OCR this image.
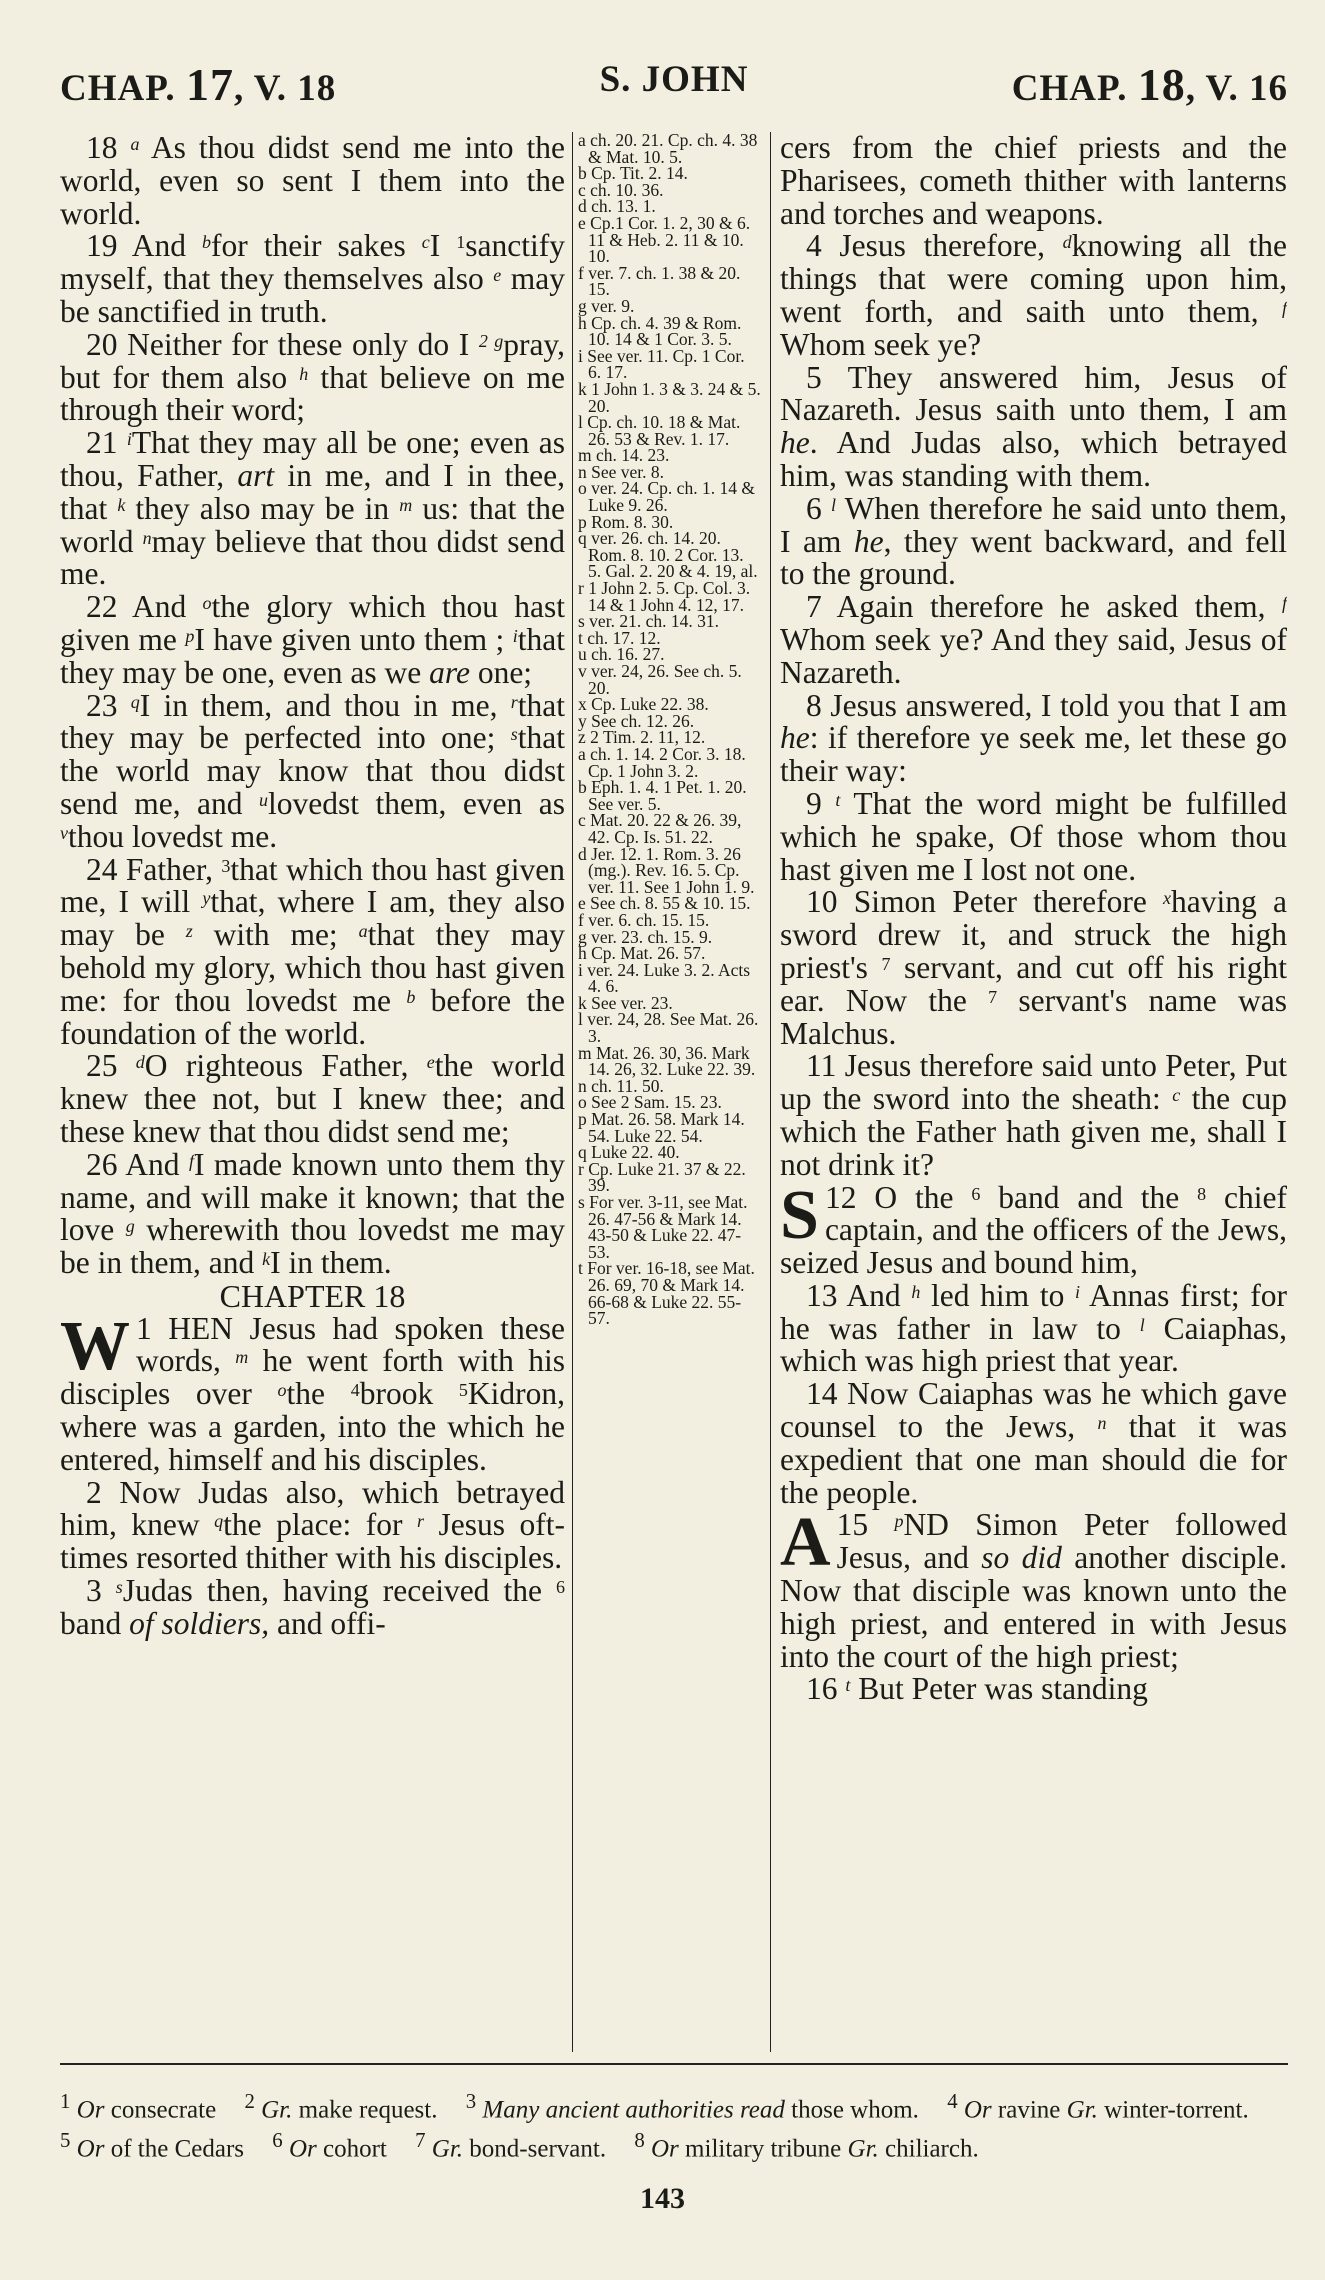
CHAP. 17, V. 18	S. JOHN	CHAP. 18, V. 16

18 $^a$ As thou didst send me into the world, even so sent I them into the world.

19 And $^b$for their sakes $^c$I $^1$sanctify myself, that they themselves also $^e$ may be sanctified in truth.

20 Neither for these only do I $^{2 g}$pray, but for them also $^h$ that believe on me through their word;

21 $^i$That they may all be one; even as thou, Father, art in me, and I in thee, that $^k$ they also may be in $^m$ us: that the world $^n$may believe that thou didst send me.

22 And $^o$the glory which thou hast given me $^p$I have given unto them ; $^i$that they may be one, even as we are one;

23 $^q$I in them, and thou in me, $^r$that they may be perfected into one; $^s$that the world may know that thou didst send me, and $^u$lovedst them, even as $^v$thou lovedst me.

24 Father, $^3$that which thou hast given me, I will $^y$that, where I am, they also may be $^z$ with me; $^a$that they may behold my glory, which thou hast given me: for thou lovedst me $^b$ before the foundation of the world.

25 $^d$O righteous Father, $^e$the world knew thee not, but I knew thee; and these knew that thou didst send me;

26 And $^f$I made known unto them thy name, and will make it known; that the love $^g$ wherewith thou lovedst me may be in them, and $^k$I in them.

CHAPTER 18

1
W HEN Jesus had spoken these words, $^m$ he went forth with his disciples over $^o$the $^4$brook $^5$Kidron, where was a garden, into the which he entered, himself and his disciples.

2 Now Judas also, which betrayed him, knew $^q$the place: for $^r$ Jesus oft-times resorted thither with his disciples.

3 $^s$Judas then, having received the $^6$ band of soldiers, and offi-

a ch. 20. 21. Cp. ch. 4. 38 & Mat. 10. 5.

b Cp. Tit. 2. 14.

c ch. 10. 36.

d ch. 13. 1.

e Cp.1 Cor. 1. 2, 30 & 6. 11 & Heb. 2. 11 & 10. 10.

f ver. 7. ch. 1. 38 & 20. 15.

g ver. 9.

h Cp. ch. 4. 39 & Rom. 10. 14 & 1 Cor. 3. 5.

i See ver. 11. Cp. 1 Cor. 6. 17.

k 1 John 1. 3 & 3. 24 & 5. 20.

l Cp. ch. 10. 18 & Mat. 26. 53 & Rev. 1. 17.

m ch. 14. 23.

n See ver. 8.

o ver. 24. Cp. ch. 1. 14 & Luke 9. 26.

p Rom. 8. 30.

q ver. 26. ch. 14. 20. Rom. 8. 10. 2 Cor. 13. 5. Gal. 2. 20 & 4. 19, al.

r 1 John 2. 5. Cp. Col. 3. 14 & 1 John 4. 12, 17.

s ver. 21. ch. 14. 31.

t ch. 17. 12.

u ch. 16. 27.

v ver. 24, 26. See ch. 5. 20.

x Cp. Luke 22. 38.

y See ch. 12. 26.

z 2 Tim. 2. 11, 12.

a ch. 1. 14. 2 Cor. 3. 18. Cp. 1 John 3. 2.

b Eph. 1. 4. 1 Pet. 1. 20. See ver. 5.

c Mat. 20. 22 & 26. 39, 42. Cp. Is. 51. 22.

d Jer. 12. 1. Rom. 3. 26 (mg.). Rev. 16. 5. Cp. ver. 11. See 1 John 1. 9.

e See ch. 8. 55 & 10. 15.

f ver. 6. ch. 15. 15.

g ver. 23. ch. 15. 9.

h Cp. Mat. 26. 57.

i ver. 24. Luke 3. 2. Acts 4. 6.

k See ver. 23.

l ver. 24, 28. See Mat. 26. 3.

m Mat. 26. 30, 36. Mark 14. 26, 32. Luke 22. 39.

n ch. 11. 50.

o See 2 Sam. 15. 23.

p Mat. 26. 58. Mark 14. 54. Luke 22. 54.

q Luke 22. 40.

r Cp. Luke 21. 37 & 22. 39.

s For ver. 3-11, see Mat. 26. 47-56 & Mark 14. 43-50 & Luke 22. 47-53.

t For ver. 16-18, see Mat. 26. 69, 70 & Mark 14. 66-68 & Luke 22. 55-57.

cers from the chief priests and the Pharisees, cometh thither with lanterns and torches and weapons.

4 Jesus therefore, $^d$knowing all the things that were coming upon him, went forth, and saith unto them, $^f$ Whom seek ye?

5 They answered him, Jesus of Nazareth. Jesus saith unto them, I am he. And Judas also, which betrayed him, was standing with them.

6 $^l$ When therefore he said unto them, I am he, they went backward, and fell to the ground.

7 Again therefore he asked them, $^f$ Whom seek ye? And they said, Jesus of Nazareth.

8 Jesus answered, I told you that I am he: if therefore ye seek me, let these go their way:

9 $^t$ That the word might be fulfilled which he spake, Of those whom thou hast given me I lost not one.

10 Simon Peter therefore $^x$having a sword drew it, and struck the high priest's $^7$ servant, and cut off his right ear. Now the $^7$ servant's name was Malchus.

11 Jesus therefore said unto Peter, Put up the sword into the sheath: $^c$ the cup which the Father hath given me, shall I not drink it?

12
S O the $^6$ band and the $^8$ chief captain, and the officers of the Jews, seized Jesus and bound him,

13 And $^h$ led him to $^i$ Annas first; for he was father in law to $^l$ Caiaphas, which was high priest that year.

14 Now Caiaphas was he which gave counsel to the Jews, $^n$ that it was expedient that one man should die for the people.

15 $^p$
A ND Simon Peter followed Jesus, and so did another disciple. Now that disciple was known unto the high priest, and entered in with Jesus into the court of the high priest;

16 $^t$ But Peter was standing

$^1$ Or consecrate $^2$ Gr. make request. $^3$ Many ancient authorities read those whom. $^4$ Or ravine Gr. winter-torrent. $^5$ Or of the Cedars $^6$ Or cohort $^7$ Gr. bond-servant. $^8$ Or military tribune Gr. chiliarch.
143
